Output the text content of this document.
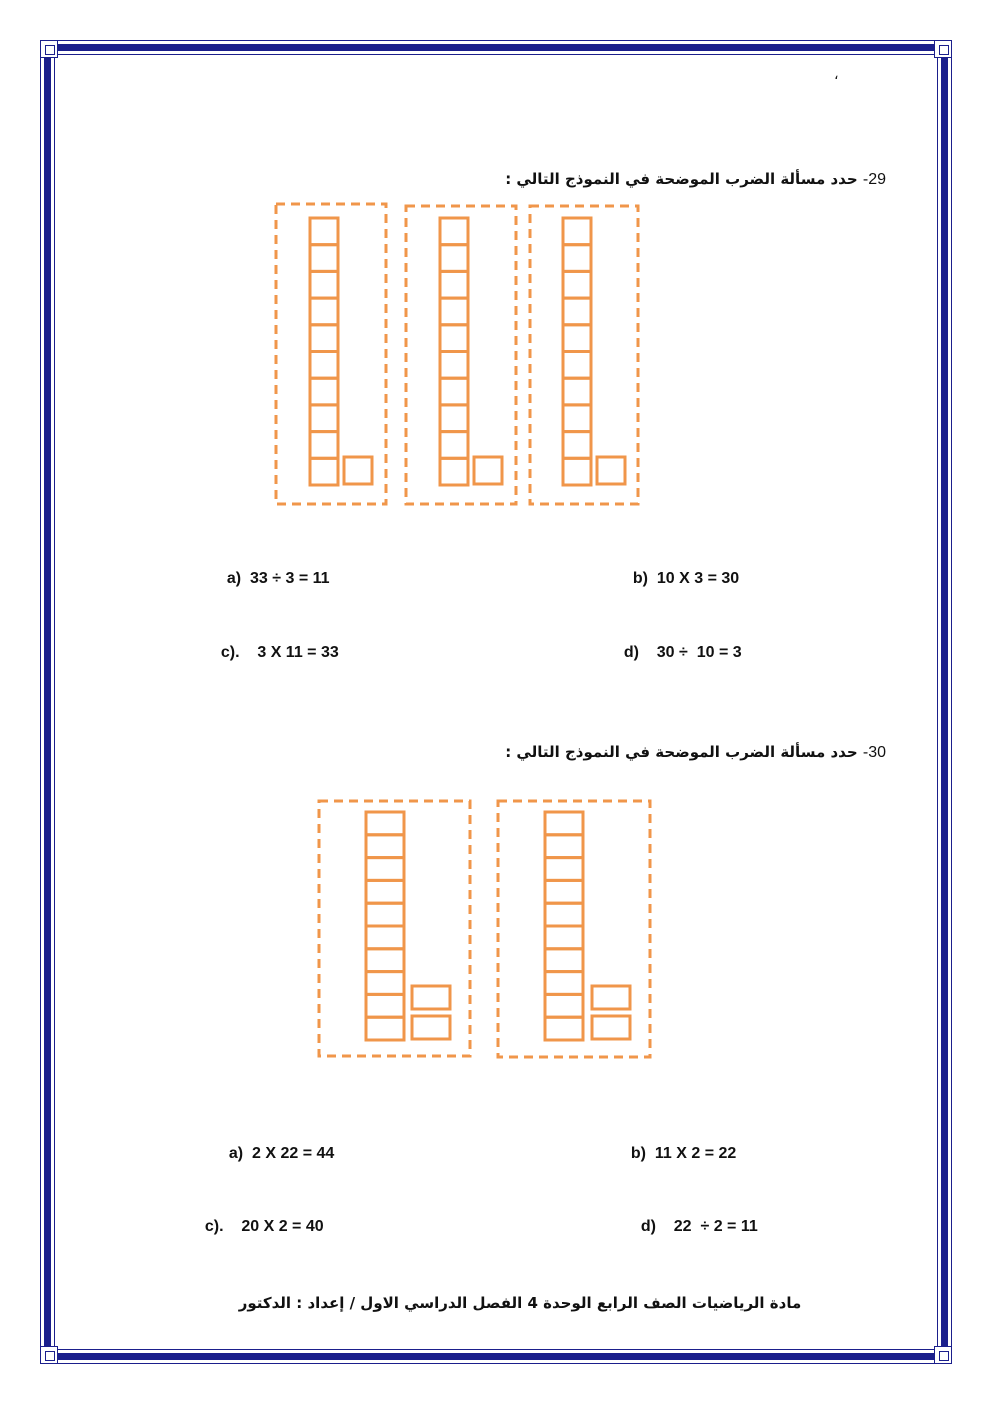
،
29- حدد مسألة الضرب الموضحة في النموذج التالي :

a) 33 ÷ 3 = 11	b) 10 X 3 = 30

c). 3 X 11 = 33	d) 30 ÷  10 = 3

30- حدد مسألة الضرب الموضحة في النموذج التالي :

a) 2 X 22 = 44	b) 11 X 2 = 22

c). 20 X 2 = 40	d) 22  ÷ 2 = 11

مادة الرياضيات الصف الرابع الوحدة 4 الفصل الدراسي الاول / إعداد : الدكتور
